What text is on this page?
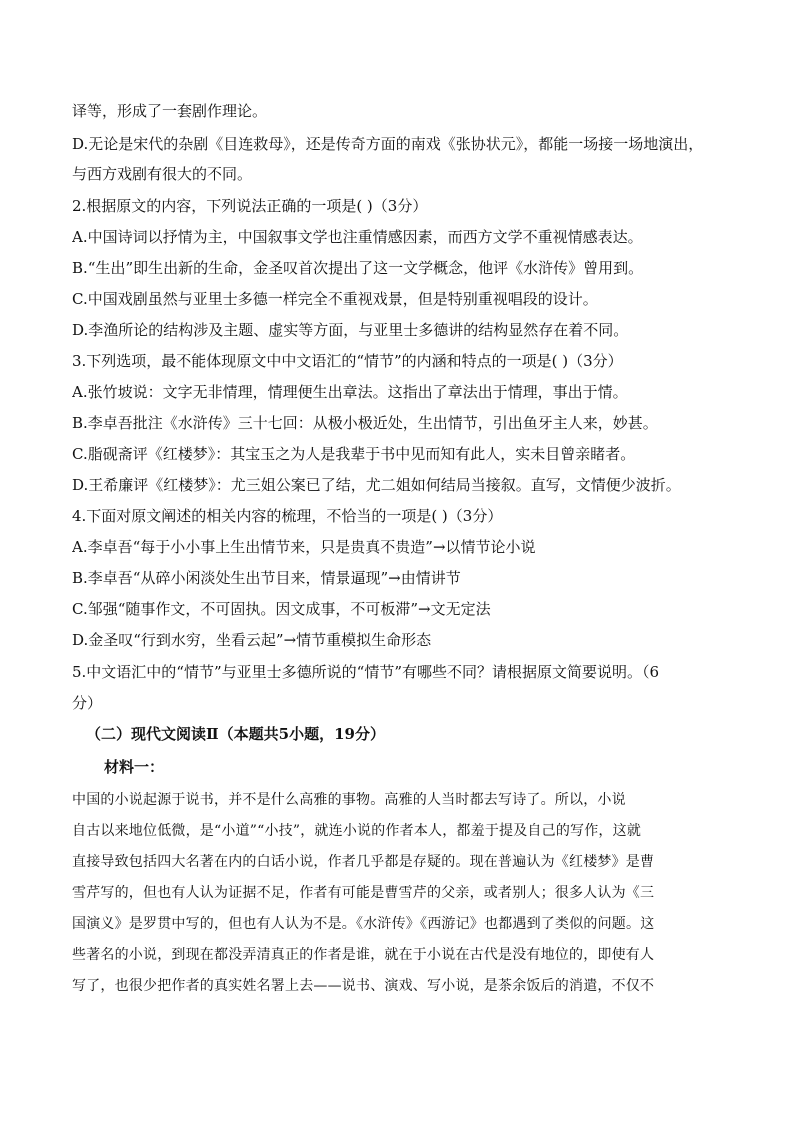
译等，形成了一套剧作理论。
D.无论是宋代的杂剧《目连救母》，还是传奇方面的南戏《张协状元》，都能一场接一场地演出，
与西方戏剧有很大的不同。
2.根据原文的内容，下列说法正确的一项是( )（3分）
A.中国诗词以抒情为主，中国叙事文学也注重情感因素，而西方文学不重视情感表达。
B.“生出”即生出新的生命，金圣叹首次提出了这一文学概念，他评《水浒传》曾用到。
C.中国戏剧虽然与亚里士多德一样完全不重视戏景，但是特别重视唱段的设计。
D.李渔所论的结构涉及主题、虚实等方面，与亚里士多德讲的结构显然存在着不同。
3.下列选项，最不能体现原文中中文语汇的“情节”的内涵和特点的一项是( )（3分）
A.张竹坡说：文字无非情理，情理便生出章法。这指出了章法出于情理，事出于情。
B.李卓吾批注《水浒传》三十七回：从极小极近处，生出情节，引出鱼牙主人来，妙甚。
C.脂砚斋评《红楼梦》：其宝玉之为人是我辈于书中见而知有此人，实未目曾亲睹者。
D.王希廉评《红楼梦》：尤三姐公案已了结，尤二姐如何结局当接叙。直写，文情便少波折。
4.下面对原文阐述的相关内容的梳理，不恰当的一项是( )（3分）
A.李卓吾“每于小小事上生出情节来，只是贵真不贵造”→以情节论小说
B.李卓吾“从碎小闲淡处生出节目来，情景逼现”→由情讲节
C.邹强“随事作文，不可固执。因文成事，不可板滞”→文无定法
D.金圣叹“行到水穷，坐看云起”→情节重模拟生命形态
5.中文语汇中的“情节”与亚里士多德所说的“情节”有哪些不同？请根据原文简要说明。（6
分）
（二）现代文阅读Ⅱ（本题共5小题，19分）
材料一：
中国的小说起源于说书，并不是什么高雅的事物。高雅的人当时都去写诗了。所以，小说
自古以来地位低微，是“小道”“小技”，就连小说的作者本人，都羞于提及自己的写作，这就
直接导致包括四大名著在内的白话小说，作者几乎都是存疑的。现在普遍认为《红楼梦》是曹
雪芹写的，但也有人认为证据不足，作者有可能是曹雪芹的父亲，或者别人；很多人认为《三
国演义》是罗贯中写的，但也有人认为不是。《水浒传》《西游记》也都遇到了类似的问题。这
些著名的小说，到现在都没弄清真正的作者是谁，就在于小说在古代是没有地位的，即使有人
写了，也很少把作者的真实姓名署上去——说书、演戏、写小说，是茶余饭后的消遣，不仅不
